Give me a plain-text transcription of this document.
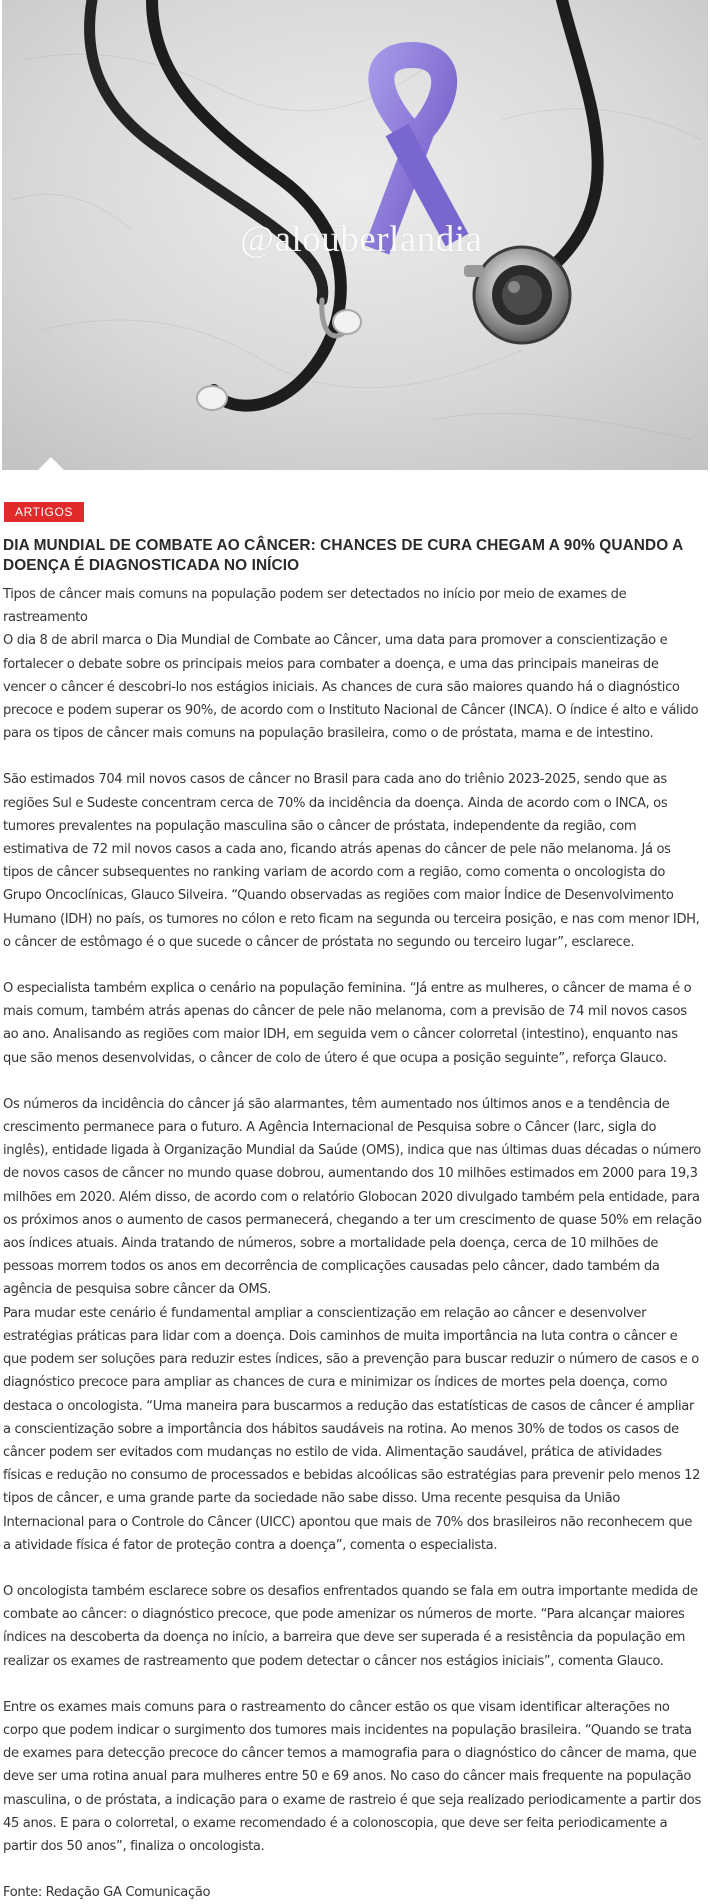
@alouberlandia
ARTIGOS
DIA MUNDIAL DE COMBATE AO CÂNCER: CHANCES DE CURA CHEGAM A 90% QUANDO A DOENÇA É DIAGNOSTICADA NO INÍCIO

Tipos de câncer mais comuns na população podem ser detectados no início por meio de exames de rastreamento

O dia 8 de abril marca o Dia Mundial de Combate ao Câncer, uma data para promover a conscientização e fortalecer o debate sobre os principais meios para combater a doença, e uma das principais maneiras de vencer o câncer é descobri-lo nos estágios iniciais. As chances de cura são maiores quando há o diagnóstico precoce e podem superar os 90%, de acordo com o Instituto Nacional de Câncer (INCA). O índice é alto e válido para os tipos de câncer mais comuns na população brasileira, como o de próstata, mama e de intestino.

São estimados 704 mil novos casos de câncer no Brasil para cada ano do triênio 2023-2025, sendo que as regiões Sul e Sudeste concentram cerca de 70% da incidência da doença. Ainda de acordo com o INCA, os tumores prevalentes na população masculina são o câncer de próstata, independente da região, com estimativa de 72 mil novos casos a cada ano, ficando atrás apenas do câncer de pele não melanoma. Já os tipos de câncer subsequentes no ranking variam de acordo com a região, como comenta o oncologista do Grupo Oncoclínicas, Glauco Silveira. “Quando observadas as regiões com maior Índice de Desenvolvimento Humano (IDH) no país, os tumores no cólon e reto ficam na segunda ou terceira posição, e nas com menor IDH, o câncer de estômago é o que sucede o câncer de próstata no segundo ou terceiro lugar”, esclarece.

O especialista também explica o cenário na população feminina. “Já entre as mulheres, o câncer de mama é o mais comum, também atrás apenas do câncer de pele não melanoma, com a previsão de 74 mil novos casos ao ano. Analisando as regiões com maior IDH, em seguida vem o câncer colorretal (intestino), enquanto nas que são menos desenvolvidas, o câncer de colo de útero é que ocupa a posição seguinte”, reforça Glauco.

Os números da incidência do câncer já são alarmantes, têm aumentado nos últimos anos e a tendência de crescimento permanece para o futuro. A Agência Internacional de Pesquisa sobre o Câncer (Iarc, sigla do inglês), entidade ligada à Organização Mundial da Saúde (OMS), indica que nas últimas duas décadas o número de novos casos de câncer no mundo quase dobrou, aumentando dos 10 milhões estimados em 2000 para 19,3 milhões em 2020. Além disso, de acordo com o relatório Globocan 2020 divulgado também pela entidade, para os próximos anos o aumento de casos permanecerá, chegando a ter um crescimento de quase 50% em relação aos índices atuais. Ainda tratando de números, sobre a mortalidade pela doença, cerca de 10 milhões de pessoas morrem todos os anos em decorrência de complicações causadas pelo câncer, dado também da agência de pesquisa sobre câncer da OMS.

Para mudar este cenário é fundamental ampliar a conscientização em relação ao câncer e desenvolver estratégias práticas para lidar com a doença. Dois caminhos de muita importância na luta contra o câncer e que podem ser soluções para reduzir estes índices, são a prevenção para buscar reduzir o número de casos e o diagnóstico precoce para ampliar as chances de cura e minimizar os índices de mortes pela doença, como destaca o oncologista. “Uma maneira para buscarmos a redução das estatísticas de casos de câncer é ampliar a conscientização sobre a importância dos hábitos saudáveis na rotina. Ao menos 30% de todos os casos de câncer podem ser evitados com mudanças no estilo de vida. Alimentação saudável, prática de atividades físicas e redução no consumo de processados e bebidas alcoólicas são estratégias para prevenir pelo menos 12 tipos de câncer, e uma grande parte da sociedade não sabe disso. Uma recente pesquisa da União Internacional para o Controle do Câncer (UICC) apontou que mais de 70% dos brasileiros não reconhecem que a atividade física é fator de proteção contra a doença”, comenta o especialista.

O oncologista também esclarece sobre os desafios enfrentados quando se fala em outra importante medida de combate ao câncer: o diagnóstico precoce, que pode amenizar os números de morte. “Para alcançar maiores índices na descoberta da doença no início, a barreira que deve ser superada é a resistência da população em realizar os exames de rastreamento que podem detectar o câncer nos estágios iniciais”, comenta Glauco.

Entre os exames mais comuns para o rastreamento do câncer estão os que visam identificar alterações no corpo que podem indicar o surgimento dos tumores mais incidentes na população brasileira. “Quando se trata de exames para detecção precoce do câncer temos a mamografia para o diagnóstico do câncer de mama, que deve ser uma rotina anual para mulheres entre 50 e 69 anos. No caso do câncer mais frequente na população masculina, o de próstata, a indicação para o exame de rastreio é que seja realizado periodicamente a partir dos 45 anos. E para o colorretal, o exame recomendado é a colonoscopia, que deve ser feita periodicamente a partir dos 50 anos”, finaliza o oncologista.

Fonte: Redação GA Comunicação
